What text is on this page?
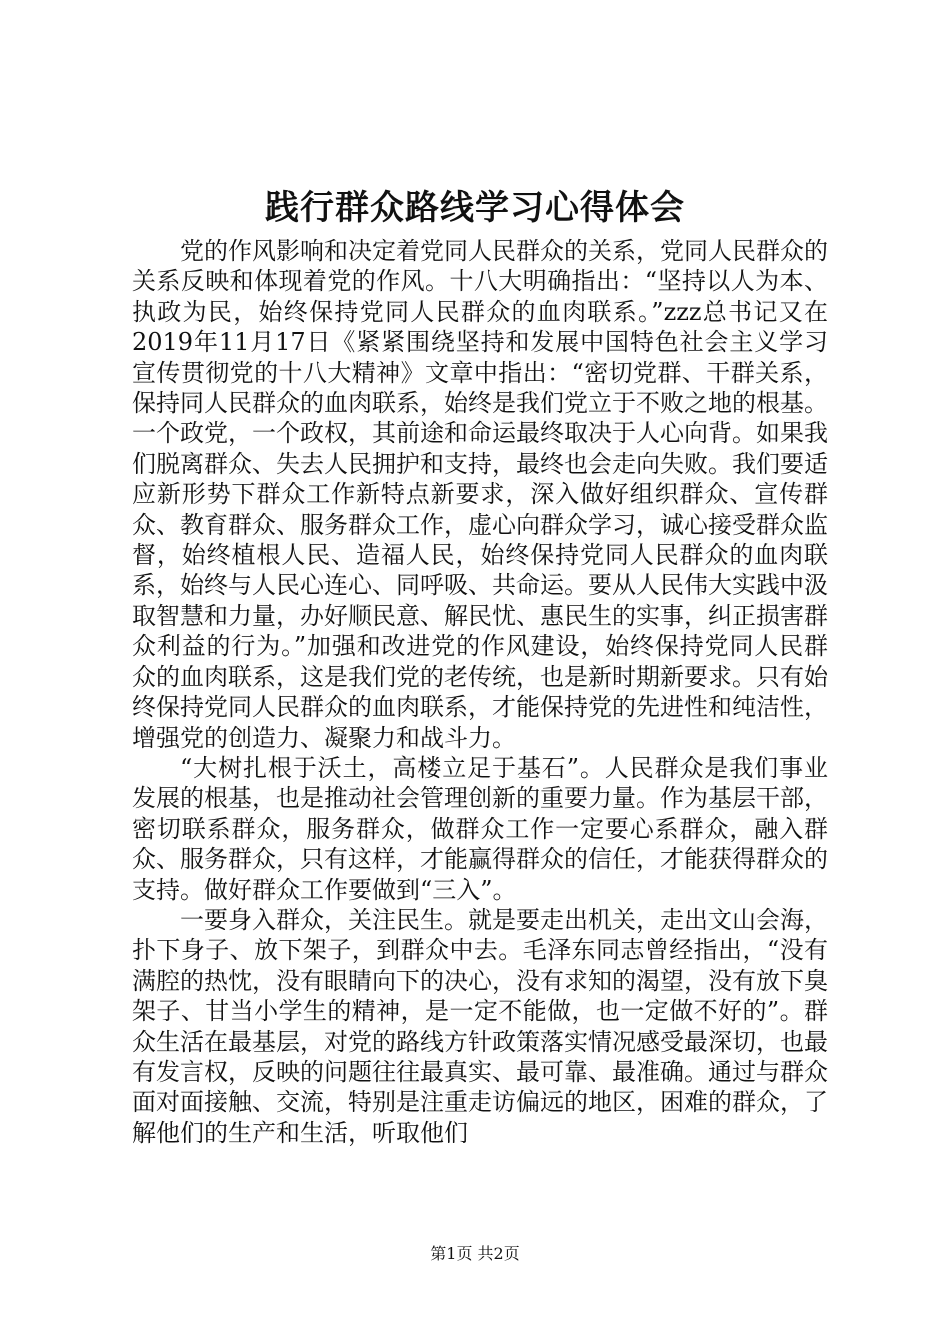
践行群众路线学习心得体会

党的作风影响和决定着党同人民群众的关系，党同人民群众的关系反映和体现着党的作风。十八大明确指出：“坚持以人为本、执政为民，始终保持党同人民群众的血肉联系。”zzz总书记又在2019年11月17日《紧紧围绕坚持和发展中国特色社会主义学习宣传贯彻党的十八大精神》文章中指出：“密切党群、干群关系，保持同人民群众的血肉联系，始终是我们党立于不败之地的根基。一个政党，一个政权，其前途和命运最终取决于人心向背。如果我们脱离群众、失去人民拥护和支持，最终也会走向失败。我们要适应新形势下群众工作新特点新要求，深入做好组织群众、宣传群众、教育群众、服务群众工作，虚心向群众学习，诚心接受群众监督，始终植根人民、造福人民，始终保持党同人民群众的血肉联系，始终与人民心连心、同呼吸、共命运。要从人民伟大实践中汲取智慧和力量，办好顺民意、解民忧、惠民生的实事，纠正损害群众利益的行为。”加强和改进党的作风建设，始终保持党同人民群众的血肉联系，这是我们党的老传统，也是新时期新要求。只有始终保持党同人民群众的血肉联系，才能保持党的先进性和纯洁性，增强党的创造力、凝聚力和战斗力。

“大树扎根于沃土，高楼立足于基石”。人民群众是我们事业发展的根基，也是推动社会管理创新的重要力量。作为基层干部，密切联系群众，服务群众，做群众工作一定要心系群众，融入群众、服务群众，只有这样，才能赢得群众的信任，才能获得群众的支持。做好群众工作要做到“三入”。

一要身入群众，关注民生。就是要走出机关，走出文山会海，扑下身子、放下架子，到群众中去。毛泽东同志曾经指出，“没有满腔的热忱，没有眼睛向下的决心，没有求知的渴望，没有放下臭架子、甘当小学生的精神，是一定不能做，也一定做不好的”。群众生活在最基层，对党的路线方针政策落实情况感受最深切，也最有发言权，反映的问题往往最真实、最可靠、最准确。通过与群众面对面接触、交流，特别是注重走访偏远的地区，困难的群众，了解他们的生产和生活，听取他们

第1页 共2页
